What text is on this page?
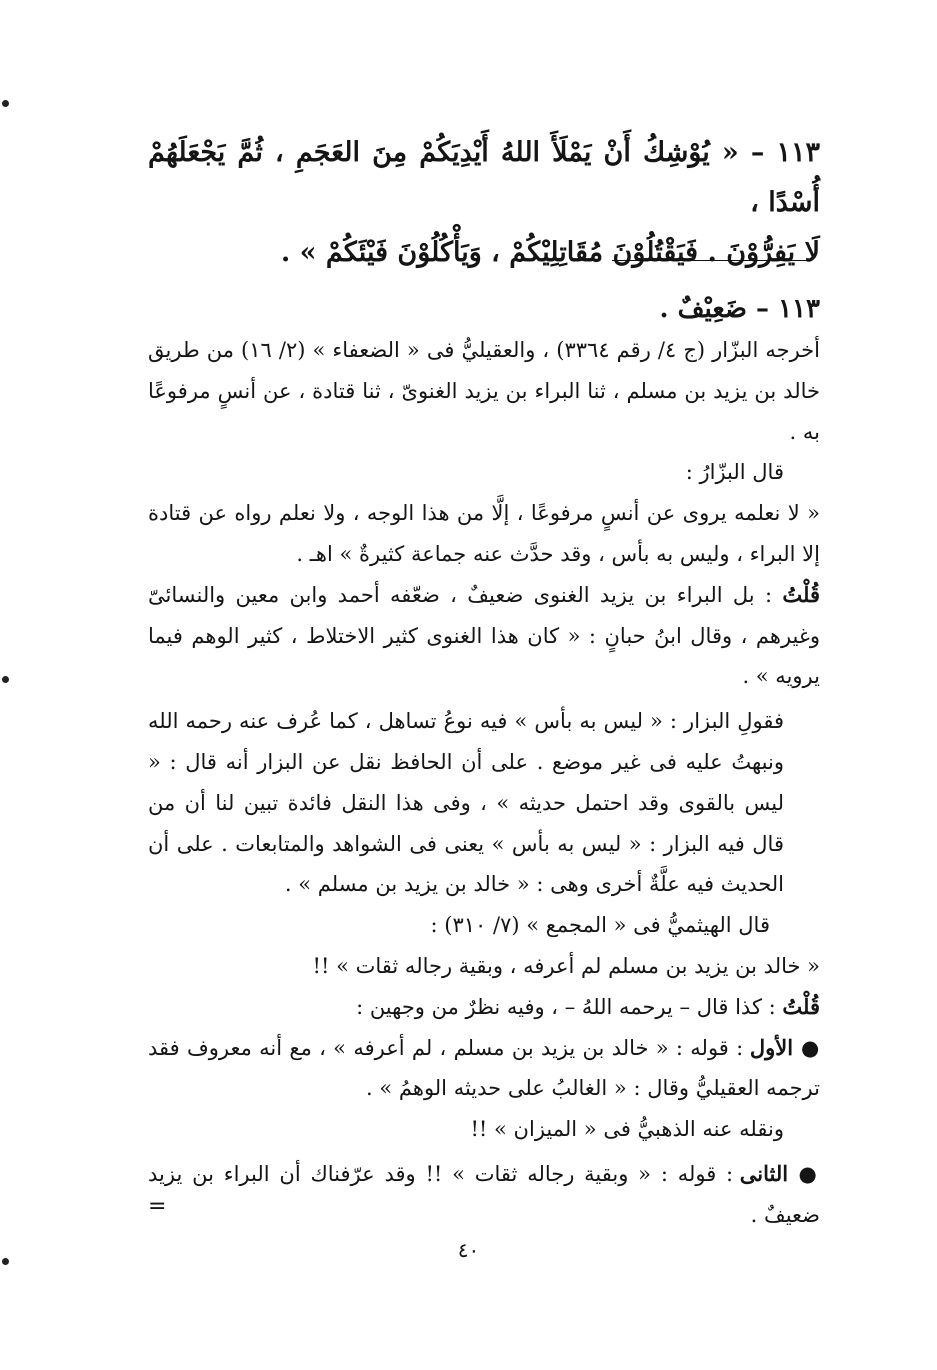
١١٣ – « يُوْشِكُ أَنْ يَمْلَأَ اللهُ أَيْدِيَكُمْ مِنَ العَجَمِ ، ثُمَّ يَجْعَلَهُمْ أُسْدًا ،
لَا يَفِرُّوْنَ . فَيَقْتُلُوْنَ مُقَاتِلِيْكُمْ ، وَيَأْكُلُوْنَ فَيْئَكُمْ » .

١١٣ – ضَعِيْفٌ .

أخرجه البزّار (ج ٤/ رقم ٣٣٦٤) ، والعقيليُّ فى « الضعفاء » (٢/ ١٦) من طريق خالد بن يزيد بن مسلم ، ثنا البراء بن يزيد الغنوىّ ، ثنا قتادة ، عن أنسٍ مرفوعًا به .

قال البزّارُ :

« لا نعلمه يروى عن أنسٍ مرفوعًا ، إلَّا من هذا الوجه ، ولا نعلم رواه عن قتادة إلا البراء ، وليس به بأس ، وقد حدَّث عنه جماعة كثيرةٌ » اهـ .

قُلْتُ : بل البراء بن يزيد الغنوى ضعيفٌ ، ضعّفه أحمد وابن معين والنسائىّ وغيرهم ، وقال ابنُ حبانٍ : « كان هذا الغنوى كثير الاختلاط ، كثير الوهم فيما يرويه » .

فقولِ البزار : « ليس به بأس » فيه نوعُ تساهل ، كما عُرف عنه رحمه الله ونبهتُ عليه فى غير موضع . على أن الحافظ نقل عن البزار أنه قال : « ليس بالقوى وقد احتمل حديثه » ، وفى هذا النقل فائدة تبين لنا أن من قال فيه البزار : « ليس به بأس » يعنى فى الشواهد والمتابعات . على أن الحديث فيه علَّةٌ أخرى وهى : « خالد بن يزيد بن مسلم » .

قال الهيثميُّ فى « المجمع » (٧/ ٣١٠) :

« خالد بن يزيد بن مسلم لم أعرفه ، وبقية رجاله ثقات » !!

قُلْتُ : كذا قال – يرحمه اللهُ – ، وفيه نظرٌ من وجهين :

● الأول : قوله : « خالد بن يزيد بن مسلم ، لم أعرفه » ، مع أنه معروف فقد ترجمه العقيليُّ وقال : « الغالبُ على حديثه الوهمُ » .

ونقله عنه الذهبيُّ فى « الميزان » !!

● الثانى : قوله : « وبقية رجاله ثقات » !! وقد عرّفناك أن البراء بن يزيد ضعيفٌ .

=
٤٠
